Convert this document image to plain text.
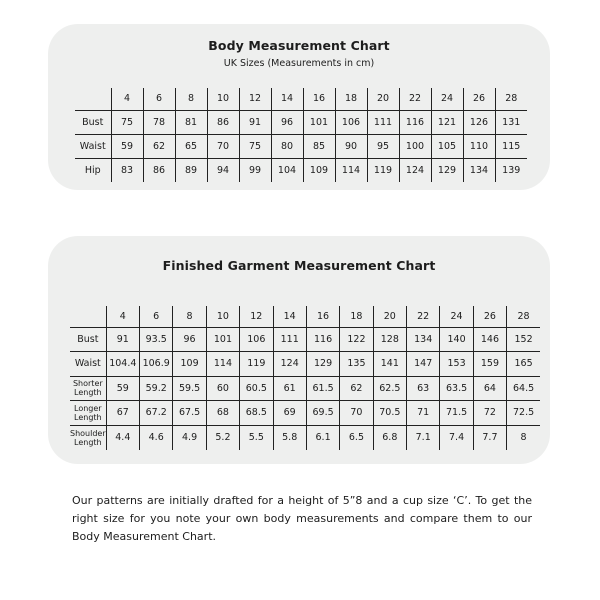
Body Measurement Chart
UK Sizes (Measurements in cm)
	4	6	8	10	12	14	16	18	20	22	24	26	28
Bust	75	78	81	86	91	96	101	106	111	116	121	126	131
Waist	59	62	65	70	75	80	85	90	95	100	105	110	115
Hip	83	86	89	94	99	104	109	114	119	124	129	134	139
Finished Garment Measurement Chart
	4	6	8	10	12	14	16	18	20	22	24	26	28
Bust	91	93.5	96	101	106	111	116	122	128	134	140	146	152
Waist	104.4	106.9	109	114	119	124	129	135	141	147	153	159	165
Shorter
Length	59	59.2	59.5	60	60.5	61	61.5	62	62.5	63	63.5	64	64.5
Longer
Length	67	67.2	67.5	68	68.5	69	69.5	70	70.5	71	71.5	72	72.5
Shoulder
Length	4.4	4.6	4.9	5.2	5.5	5.8	6.1	6.5	6.8	7.1	7.4	7.7	8
Our patterns are initially drafted for a height of 5”8 and a cup size ‘C’. To get the right size for you note your own body measurements and compare them to our Body Measurement Chart.
